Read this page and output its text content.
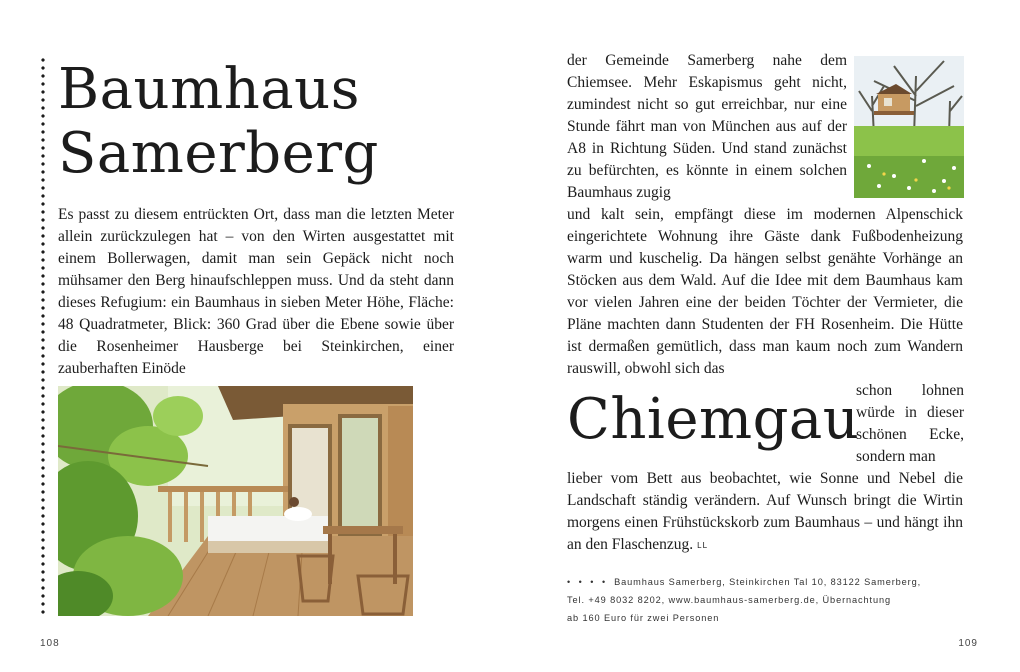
Baumhaus
Samerberg

Es passt zu diesem entrückten Ort, dass man die letzten Meter allein zurückzulegen hat – von den Wirten ausgestattet mit einem Bollerwagen, damit man sein Gepäck nicht noch mühsamer den Berg hinaufschleppen muss. Und da steht dann dieses Refugium: ein Baumhaus in sieben Meter Höhe, Fläche: 48 Quadratmeter, Blick: 360 Grad über die Ebene sowie über die Rosenheimer Hausberge bei Steinkirchen, einer zauberhaften Einöde

108

der Gemeinde Samerberg nahe dem Chiemsee. Mehr Eskapismus geht nicht, zumindest nicht so gut erreichbar, nur eine Stunde fährt man von München aus auf der A8 in Richtung Süden. Und stand zunächst zu befürchten, es könnte in einem solchen Baumhaus zugig

und kalt sein, empfängt diese im modernen Alpenschick eingerichtete Wohnung ihre Gäste dank Fußbodenheizung warm und kuschelig. Da hängen selbst genähte Vorhänge an Stöcken aus dem Wald. Auf die Idee mit dem Baumhaus kam vor vielen Jahren eine der beiden Töchter der Vermieter, die Pläne machten dann Studenten der FH Rosenheim. Die Hütte ist dermaßen gemütlich, dass man kaum noch zum Wandern rauswill, obwohl sich das

Chiemgau

schon lohnen würde in dieser schönen Ecke, sondern man

lieber vom Bett aus beobachtet, wie Sonne und Nebel die Landschaft ständig verändern. Auf Wunsch bringt die Wirtin morgens einen Frühstückskorb zum Baumhaus – und hängt ihn an den Flaschenzug. LL

• • • • Baumhaus Samerberg, Steinkirchen Tal 10, 83122 Samerberg,
Tel. +49 8032 8202, www.baumhaus-samerberg.de, Übernachtung
ab 160 Euro für zwei Personen
109
